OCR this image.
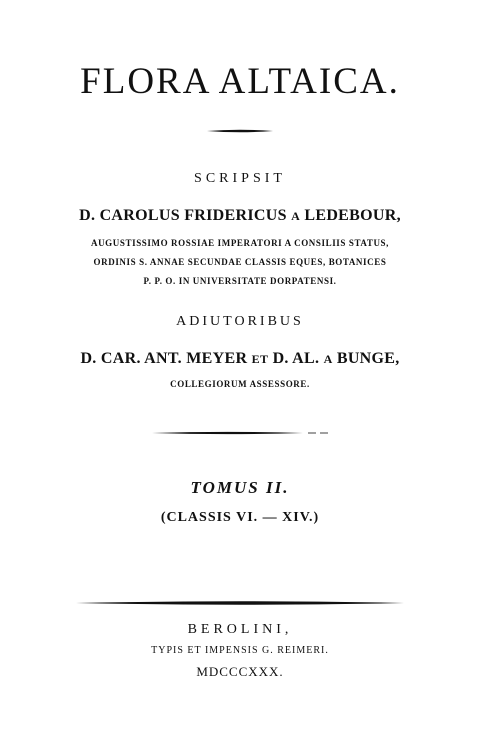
FLORA ALTAICA.
SCRIPSIT
D. CAROLUS FRIDERICUS A LEDEBOUR,
AUGUSTISSIMO ROSSIAE IMPERATORI A CONSILIIS STATUS,
ORDINIS S. ANNAE SECUNDAE CLASSIS EQUES, BOTANICES
P. P. O. IN UNIVERSITATE DORPATENSI.
ADIUTORIBUS
D. CAR. ANT. MEYER ET D. AL. A BUNGE,
COLLEGIORUM ASSESSORE.
TOMUS II.
(CLASSIS VI. — XIV.)
BEROLINI,
TYPIS ET IMPENSIS G. REIMERI.
MDCCCXXX.
